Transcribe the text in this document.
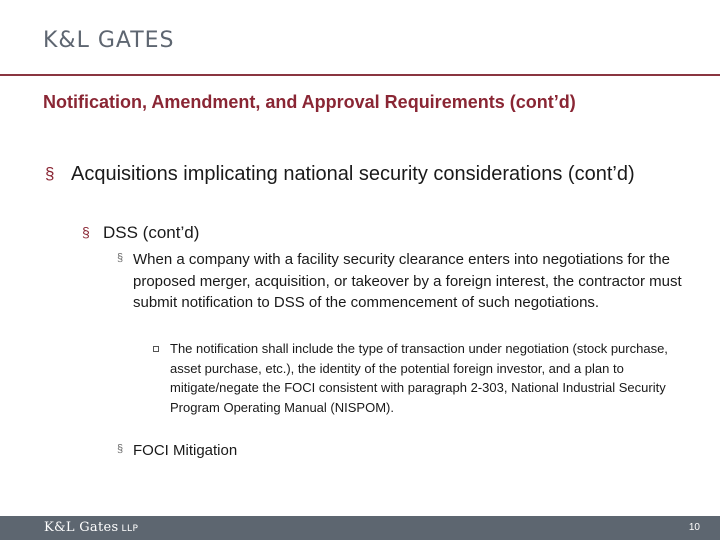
K&L GATES
Notification, Amendment, and Approval Requirements (cont’d)
§ Acquisitions implicating national security considerations (cont’d)

§ DSS (cont’d)

§ When a company with a facility security clearance enters into negotiations for the proposed merger, acquisition, or takeover by a foreign interest, the contractor must submit notification to DSS of the commencement of such negotiations.

The notification shall include the type of transaction under negotiation (stock purchase, asset purchase, etc.), the identity of the potential foreign investor, and a plan to mitigate/negate the FOCI consistent with paragraph 2-303, National Industrial Security Program Operating Manual (NISPOM).

§ FOCI Mitigation

K&L Gates LLP	10
